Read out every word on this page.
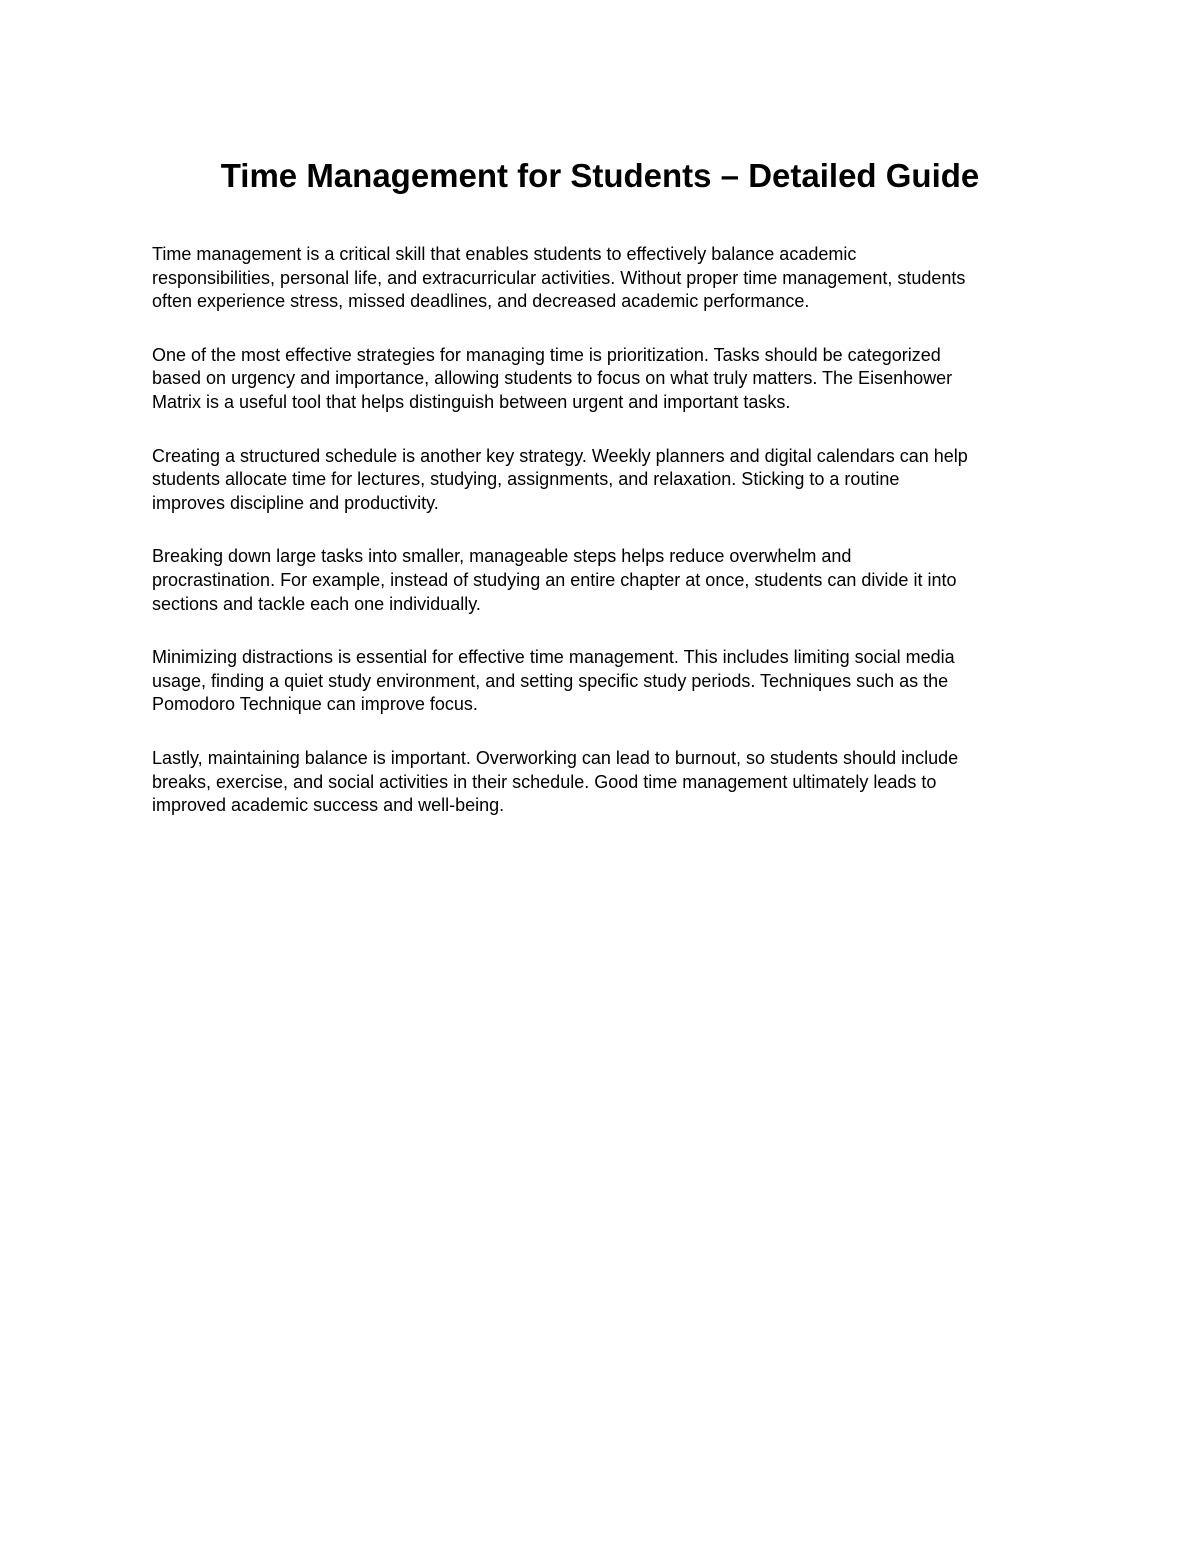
Time Management for Students – Detailed Guide

Time management is a critical skill that enables students to effectively balance academic
responsibilities, personal life, and extracurricular activities. Without proper time management, students
often experience stress, missed deadlines, and decreased academic performance.

One of the most effective strategies for managing time is prioritization. Tasks should be categorized
based on urgency and importance, allowing students to focus on what truly matters. The Eisenhower
Matrix is a useful tool that helps distinguish between urgent and important tasks.

Creating a structured schedule is another key strategy. Weekly planners and digital calendars can help
students allocate time for lectures, studying, assignments, and relaxation. Sticking to a routine
improves discipline and productivity.

Breaking down large tasks into smaller, manageable steps helps reduce overwhelm and
procrastination. For example, instead of studying an entire chapter at once, students can divide it into
sections and tackle each one individually.

Minimizing distractions is essential for effective time management. This includes limiting social media
usage, finding a quiet study environment, and setting specific study periods. Techniques such as the
Pomodoro Technique can improve focus.

Lastly, maintaining balance is important. Overworking can lead to burnout, so students should include
breaks, exercise, and social activities in their schedule. Good time management ultimately leads to
improved academic success and well-being.
